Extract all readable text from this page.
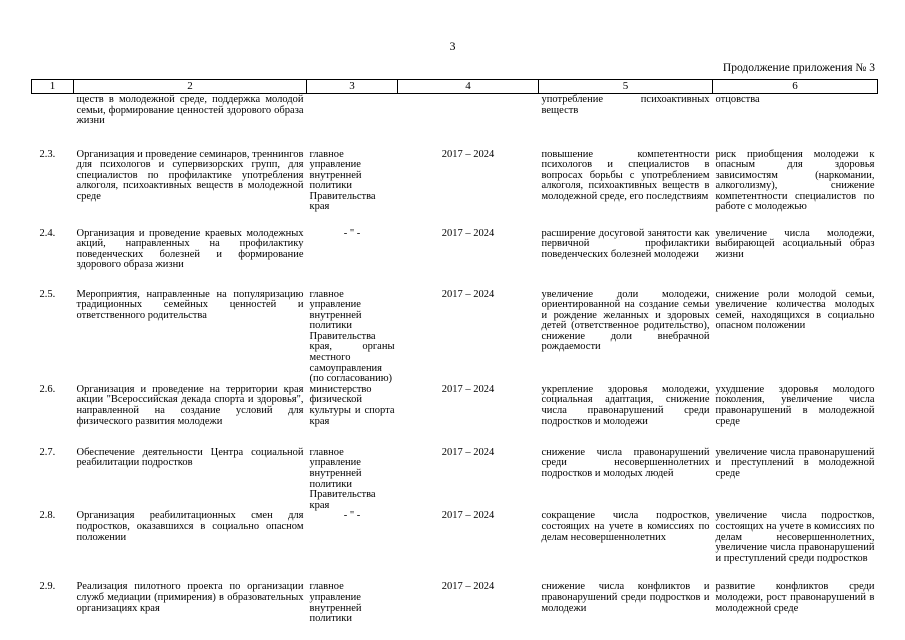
3
Продолжение приложения № 3
1	2	3	4	5	6
	ществ в молодежной среде, поддержка молодой семьи, формирование ценностей здорового образа жизни			употребление психоактивных веществ	отцовства
2.3.	Организация и проведение семинаров, треннингов для психологов и супервизорских групп, для специалистов по профилактике употребления алкоголя, психоактивных веществ в молодежной среде	главное управление внутренней политики Правительства края	2017 – 2024	повышение компетентности психологов и специалистов в вопросах борьбы с употреблением алкоголя, психоактивных веществ в молодежной среде, его последствиям	риск приобщения молодежи к опасным для здоровья зависимостям (наркомании, алкоголизму), снижение компетентности специалистов по работе с молодежью
2.4.	Организация и проведение краевых молодежных акций, направленных на профилактику поведенческих болезней и формирование здорового образа жизни	- " -	2017 – 2024	расширение досуговой занятости как первичной профилактики поведенческих болезней молодежи	увеличение числа молодежи, выбирающей асоциальный образ жизни
2.5.	Мероприятия, направленные на популяризацию традиционных семейных ценностей и ответственного родительства	главное управление внутренней политики Правительства края, органы местного самоуправления (по согласованию)	2017 – 2024	увеличение доли молодежи, ориентированной на создание семьи и рождение желанных и здоровых детей (ответственное родительство), снижение доли внебрачной рождаемости	снижение роли молодой семьи, увеличение количества молодых семей, находящихся в социально опасном положении
2.6.	Организация и проведение на территории края акции "Всероссийская декада спорта и здоровья", направленной на создание условий для физического развития молодежи	министерство физической культуры и спорта края	2017 – 2024	укрепление здоровья молодежи, социальная адаптация, снижение числа правонарушений среди подростков и молодежи	ухудшение здоровья молодого поколения, увеличение числа правонарушений в молодежной среде
2.7.	Обеспечение деятельности Центра социальной реабилитации подростков	главное управление внутренней политики Правительства края	2017 – 2024	снижение числа правонарушений среди несовершеннолетних подростков и молодых людей	увеличение числа правонарушений и преступлений в молодежной среде
2.8.	Организация реабилитационных смен для подростков, оказавшихся в социально опасном положении	- " -	2017 – 2024	сокращение числа подростков, состоящих на учете в комиссиях по делам несовершеннолетних	увеличение числа подростков, состоящих на учете в комиссиях по делам несовершеннолетних, увеличение числа правонарушений и преступлений среди подростков
2.9.	Реализация пилотного проекта по организации служб медиации (примирения) в образовательных организациях края	главное управление внутренней политики	2017 – 2024	снижение числа конфликтов и правонарушений среди подростков и молодежи	развитие конфликтов среди молодежи, рост правонарушений в молодежной среде
